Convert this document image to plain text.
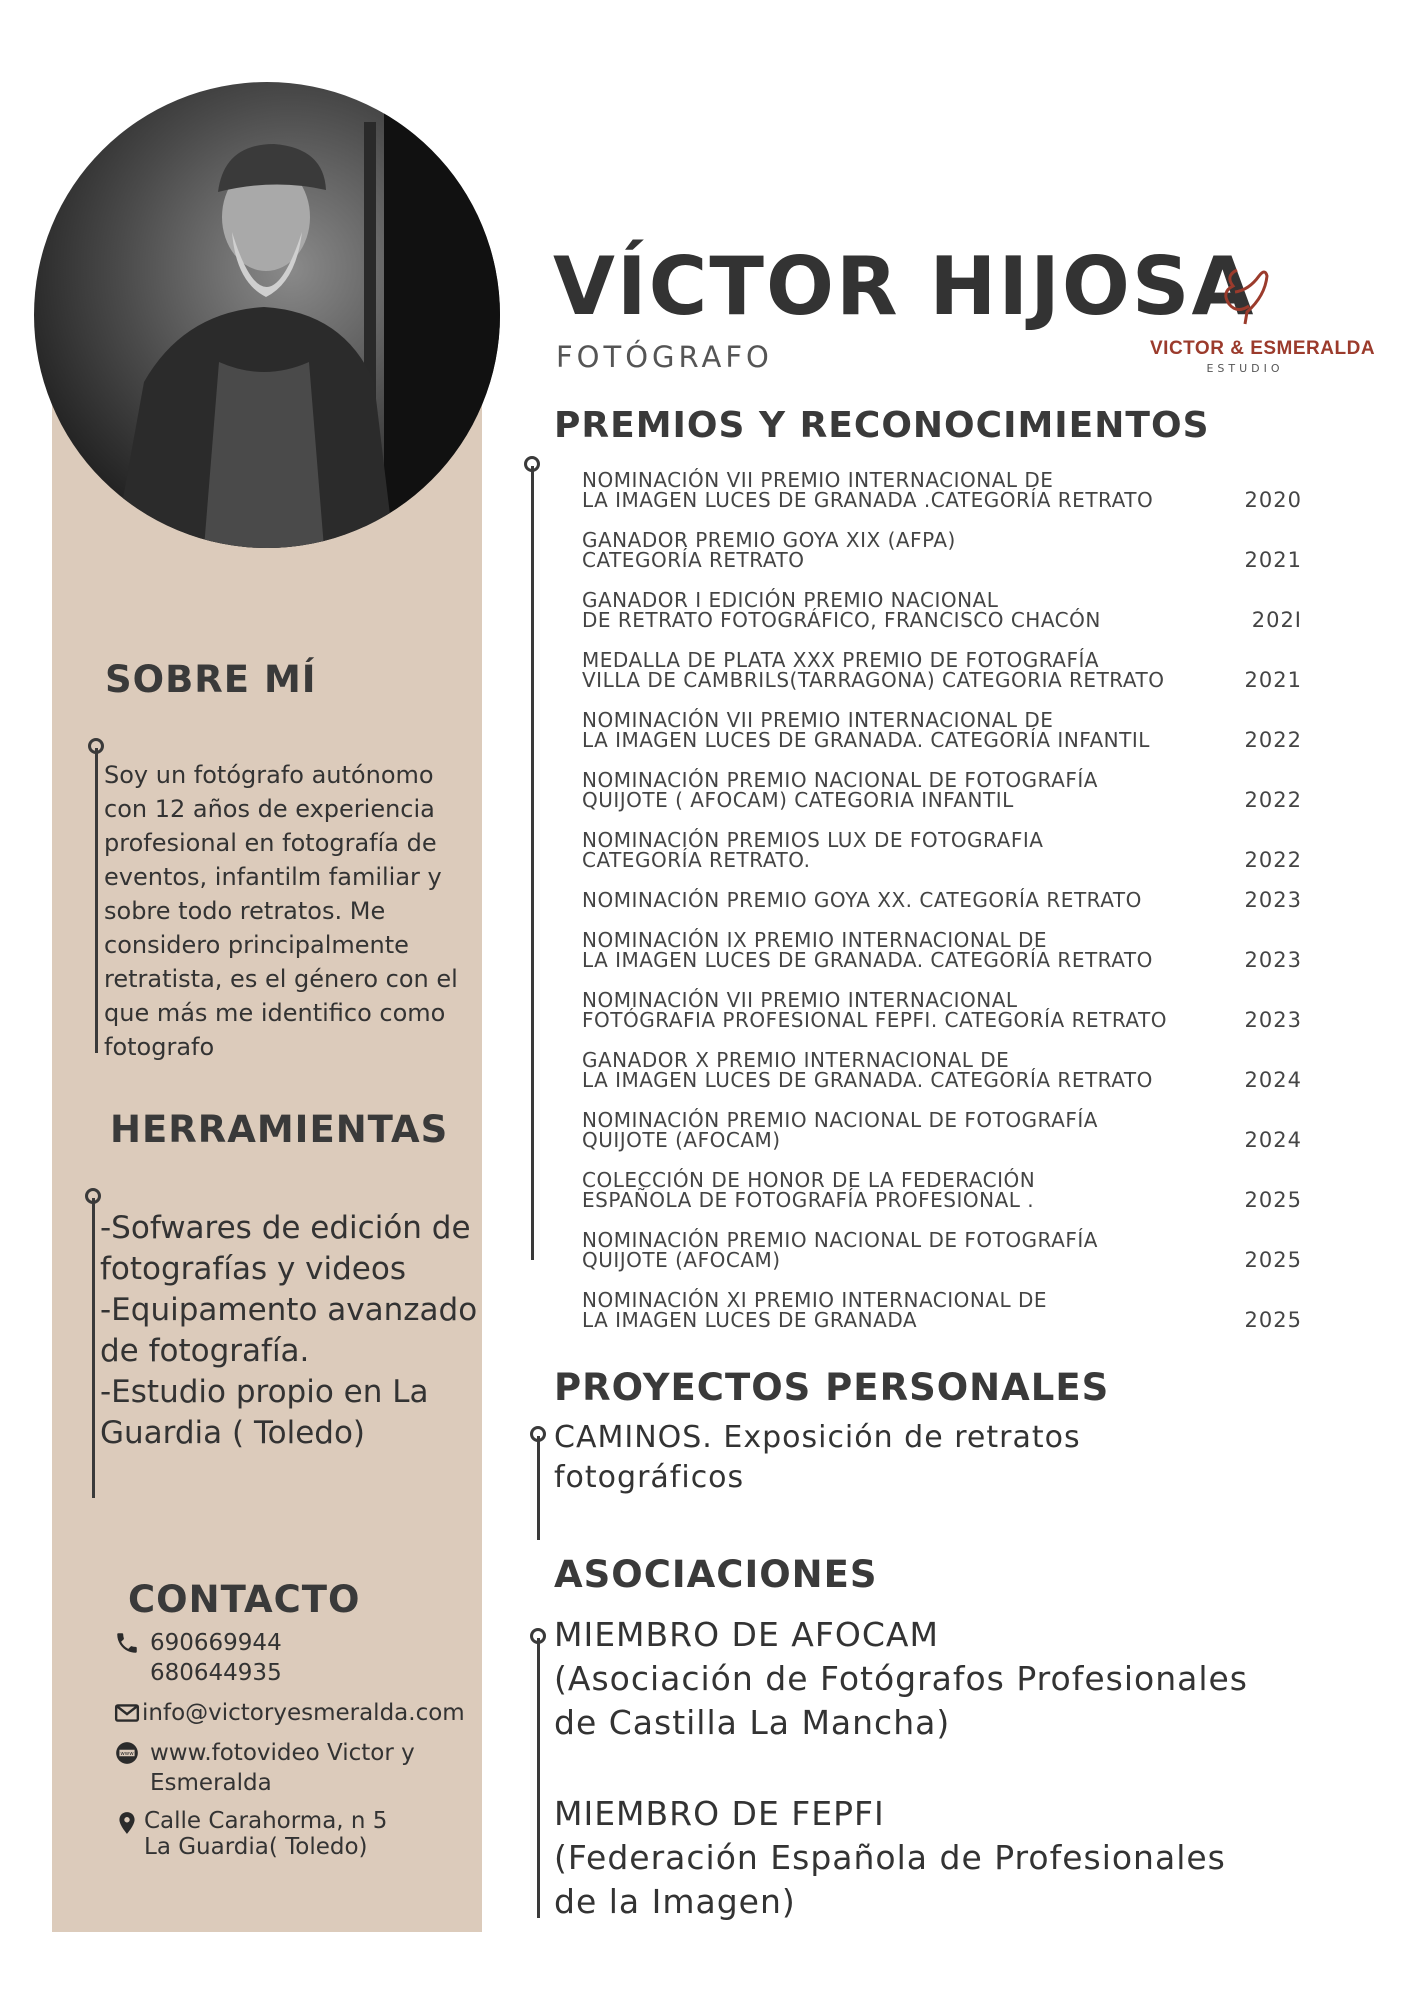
SOBRE MÍ
Soy un fotógrafo autónomo
con 12 años de experiencia
profesional en fotografía de
eventos, infantilm familiar y
sobre todo retratos. Me
considero principalmente
retratista, es el género con el
que más me identifico como
fotografo
HERRAMIENTAS
-Sofwares de edición de
fotografías y videos
-Equipamento avanzado
de fotografía.
-Estudio propio en La
Guardia ( Toledo)
CONTACTO
690669944
680644935
info@victoryesmeralda.com
www www.fotovideo Victor y
Esmeralda
Calle Carahorma, n 5
La Guardia( Toledo)
VÍCTOR HIJOSA
FOTÓGRAFO	VICTOR & ESMERALDA
ESTUDIO
PREMIOS Y RECONOCIMIENTOS
NOMINACIÓN VII PREMIO INTERNACIONAL DE
LA IMAGEN LUCES DE GRANADA .CATEGORÍA RETRATO	2020
GANADOR PREMIO GOYA XIX (AFPA)
CATEGORÍA RETRATO	2021
GANADOR I EDICIÓN PREMIO NACIONAL
DE RETRATO FOTOGRÁFICO, FRANCISCO CHACÓN	202I
MEDALLA DE PLATA XXX PREMIO DE FOTOGRAFÍA
VILLA DE CAMBRILS(TARRAGONA) CATEGORIA RETRATO	2021
NOMINACIÓN VII PREMIO INTERNACIONAL DE
LA IMAGEN LUCES DE GRANADA. CATEGORÍA INFANTIL	2022
NOMINACIÓN PREMIO NACIONAL DE FOTOGRAFÍA
QUIJOTE ( AFOCAM) CATEGORIA INFANTIL	2022
NOMINACIÓN PREMIOS LUX DE FOTOGRAFIA
CATEGORÍA RETRATO.	2022
NOMINACIÓN PREMIO GOYA XX. CATEGORÍA RETRATO	2023
NOMINACIÓN IX PREMIO INTERNACIONAL DE
LA IMAGEN LUCES DE GRANADA. CATEGORÍA RETRATO	2023
NOMINACIÓN VII PREMIO INTERNACIONAL
FOTÓGRAFIA PROFESIONAL FEPFI. CATEGORÍA RETRATO	2023
GANADOR X PREMIO INTERNACIONAL DE
LA IMAGEN LUCES DE GRANADA. CATEGORÍA RETRATO	2024
NOMINACIÓN PREMIO NACIONAL DE FOTOGRAFÍA
QUIJOTE (AFOCAM)	2024
COLECCIÓN DE HONOR DE LA FEDERACIÓN
ESPAÑOLA DE FOTOGRAFÍA PROFESIONAL .	2025
NOMINACIÓN PREMIO NACIONAL DE FOTOGRAFÍA
QUIJOTE (AFOCAM)	2025
NOMINACIÓN XI PREMIO INTERNACIONAL DE
LA IMAGEN LUCES DE GRANADA	2025
PROYECTOS PERSONALES
CAMINOS. Exposición de retratos
fotográficos
ASOCIACIONES
MIEMBRO DE AFOCAM
(Asociación de Fotógrafos Profesionales
de Castilla La Mancha)
MIEMBRO DE FEPFI
(Federación Española de Profesionales
de la Imagen)
